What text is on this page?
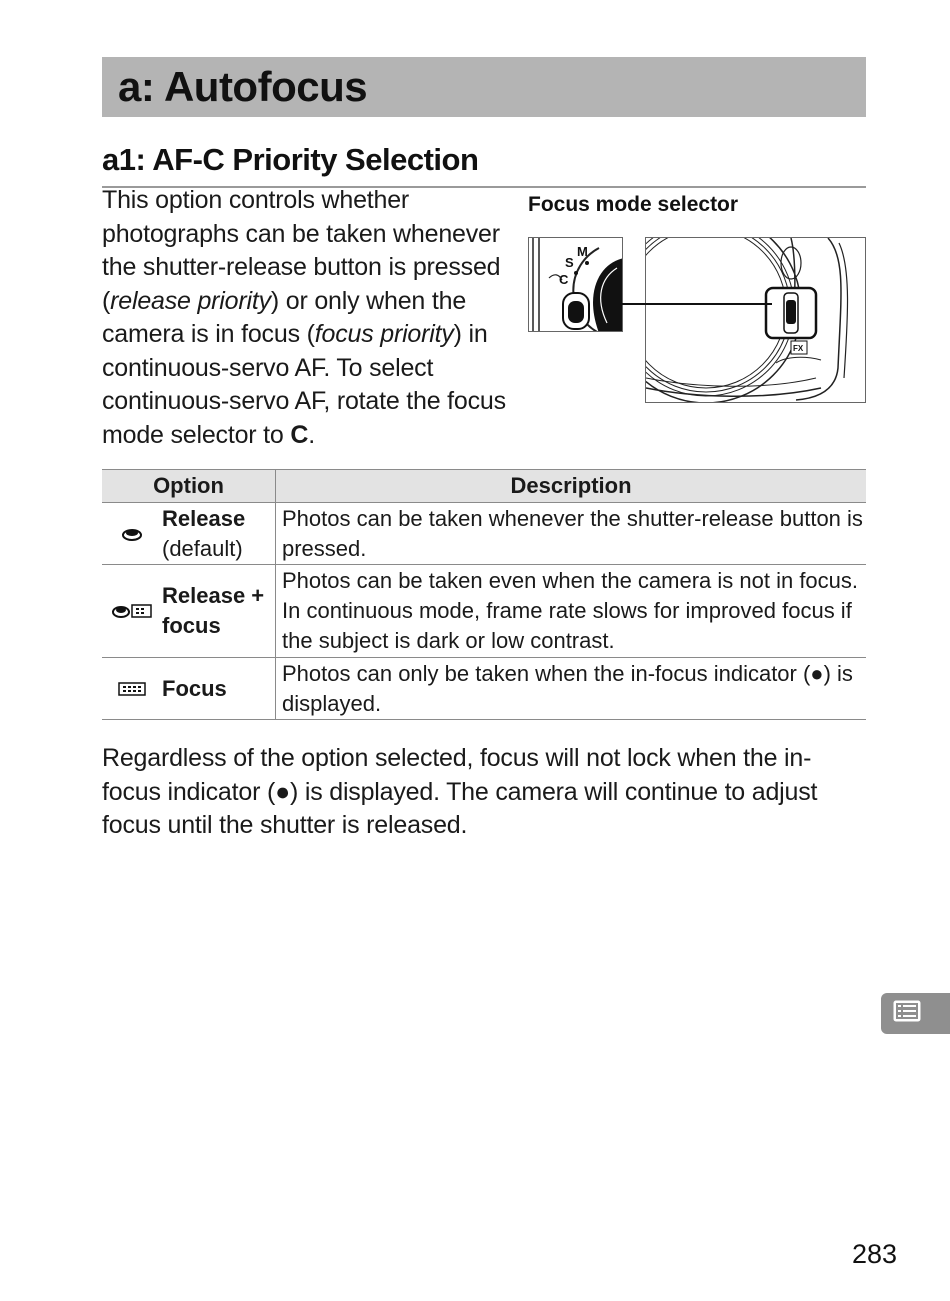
a: Autofocus
a1: AF-C Priority Selection

This option controls whether photographs can be taken whenever the shutter-release button is pressed (release priority) or only when the camera is in focus (focus priority) in continuous-servo AF. To select continuous-servo AF, rotate the focus mode selector to C.

Focus mode selector
S
M
C
FX
Option	Description

Release
(default)	Photos can be taken whenever the shutter-release button is pressed.

Release + focus	Photos can be taken even when the camera is not in focus. In continuous mode, frame rate slows for improved focus if the subject is dark or low contrast.

Focus	Photos can only be taken when the in-focus indicator (●) is displayed.

Regardless of the option selected, focus will not lock when the in-focus indicator (●) is displayed. The camera will continue to adjust focus until the shutter is released.

283
